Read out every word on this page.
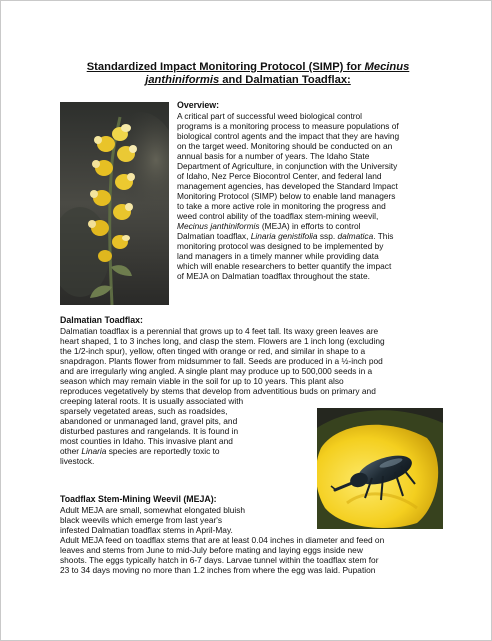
Standardized Impact Monitoring Protocol (SIMP) for Mecinus janthiniformis and Dalmatian Toadflax:

Overview:

A critical part of successful weed biological control
programs is a monitoring process to measure populations of
biological control agents and the impact that they are having
on the target weed. Monitoring should be conducted on an
annual basis for a number of years. The Idaho State
Department of Agriculture, in conjunction with the University
of Idaho, Nez Perce Biocontrol Center, and federal land
management agencies, has developed the Standard Impact
Monitoring Protocol (SIMP) below to enable land managers
to take a more active role in monitoring the progress and
weed control ability of the toadflax stem-mining weevil,
Mecinus janthiniformis (MEJA) in efforts to control
Dalmatian toadflax, Linaria genistifolia ssp. dalmatica. This
monitoring protocol was designed to be implemented by
land managers in a timely manner while providing data
which will enable researchers to better quantify the impact
of MEJA on Dalmatian toadflax throughout the state.

Dalmatian Toadflax:

Dalmatian toadflax is a perennial that grows up to 4 feet tall. Its waxy green leaves are
heart shaped, 1 to 3 inches long, and clasp the stem. Flowers are 1 inch long (excluding
the 1/2-inch spur), yellow, often tinged with orange or red, and similar in shape to a
snapdragon. Plants flower from midsummer to fall. Seeds are produced in a ½-inch pod
and are irregularly wing angled. A single plant may produce up to 500,000 seeds in a
season which may remain viable in the soil for up to 10 years. This plant also
reproduces vegetatively by stems that develop from adventitious buds on primary and
creeping lateral roots. It is usually associated with
sparsely vegetated areas, such as roadsides,
abandoned or unmanaged land, gravel pits, and
disturbed pastures and rangelands. It is found in
most counties in Idaho. This invasive plant and
other Linaria species are reportedly toxic to
livestock.

Toadflax Stem-Mining Weevil (MEJA):

Adult MEJA are small, somewhat elongated bluish
black weevils which emerge from last year's
infested Dalmatian toadflax stems in April-May.
Adult MEJA feed on toadflax stems that are at least 0.04 inches in diameter and feed on
leaves and stems from June to mid-July before mating and laying eggs inside new
shoots. The eggs typically hatch in 6-7 days. Larvae tunnel within the toadflax stem for
23 to 34 days moving no more than 1.2 inches from where the egg was laid. Pupation
